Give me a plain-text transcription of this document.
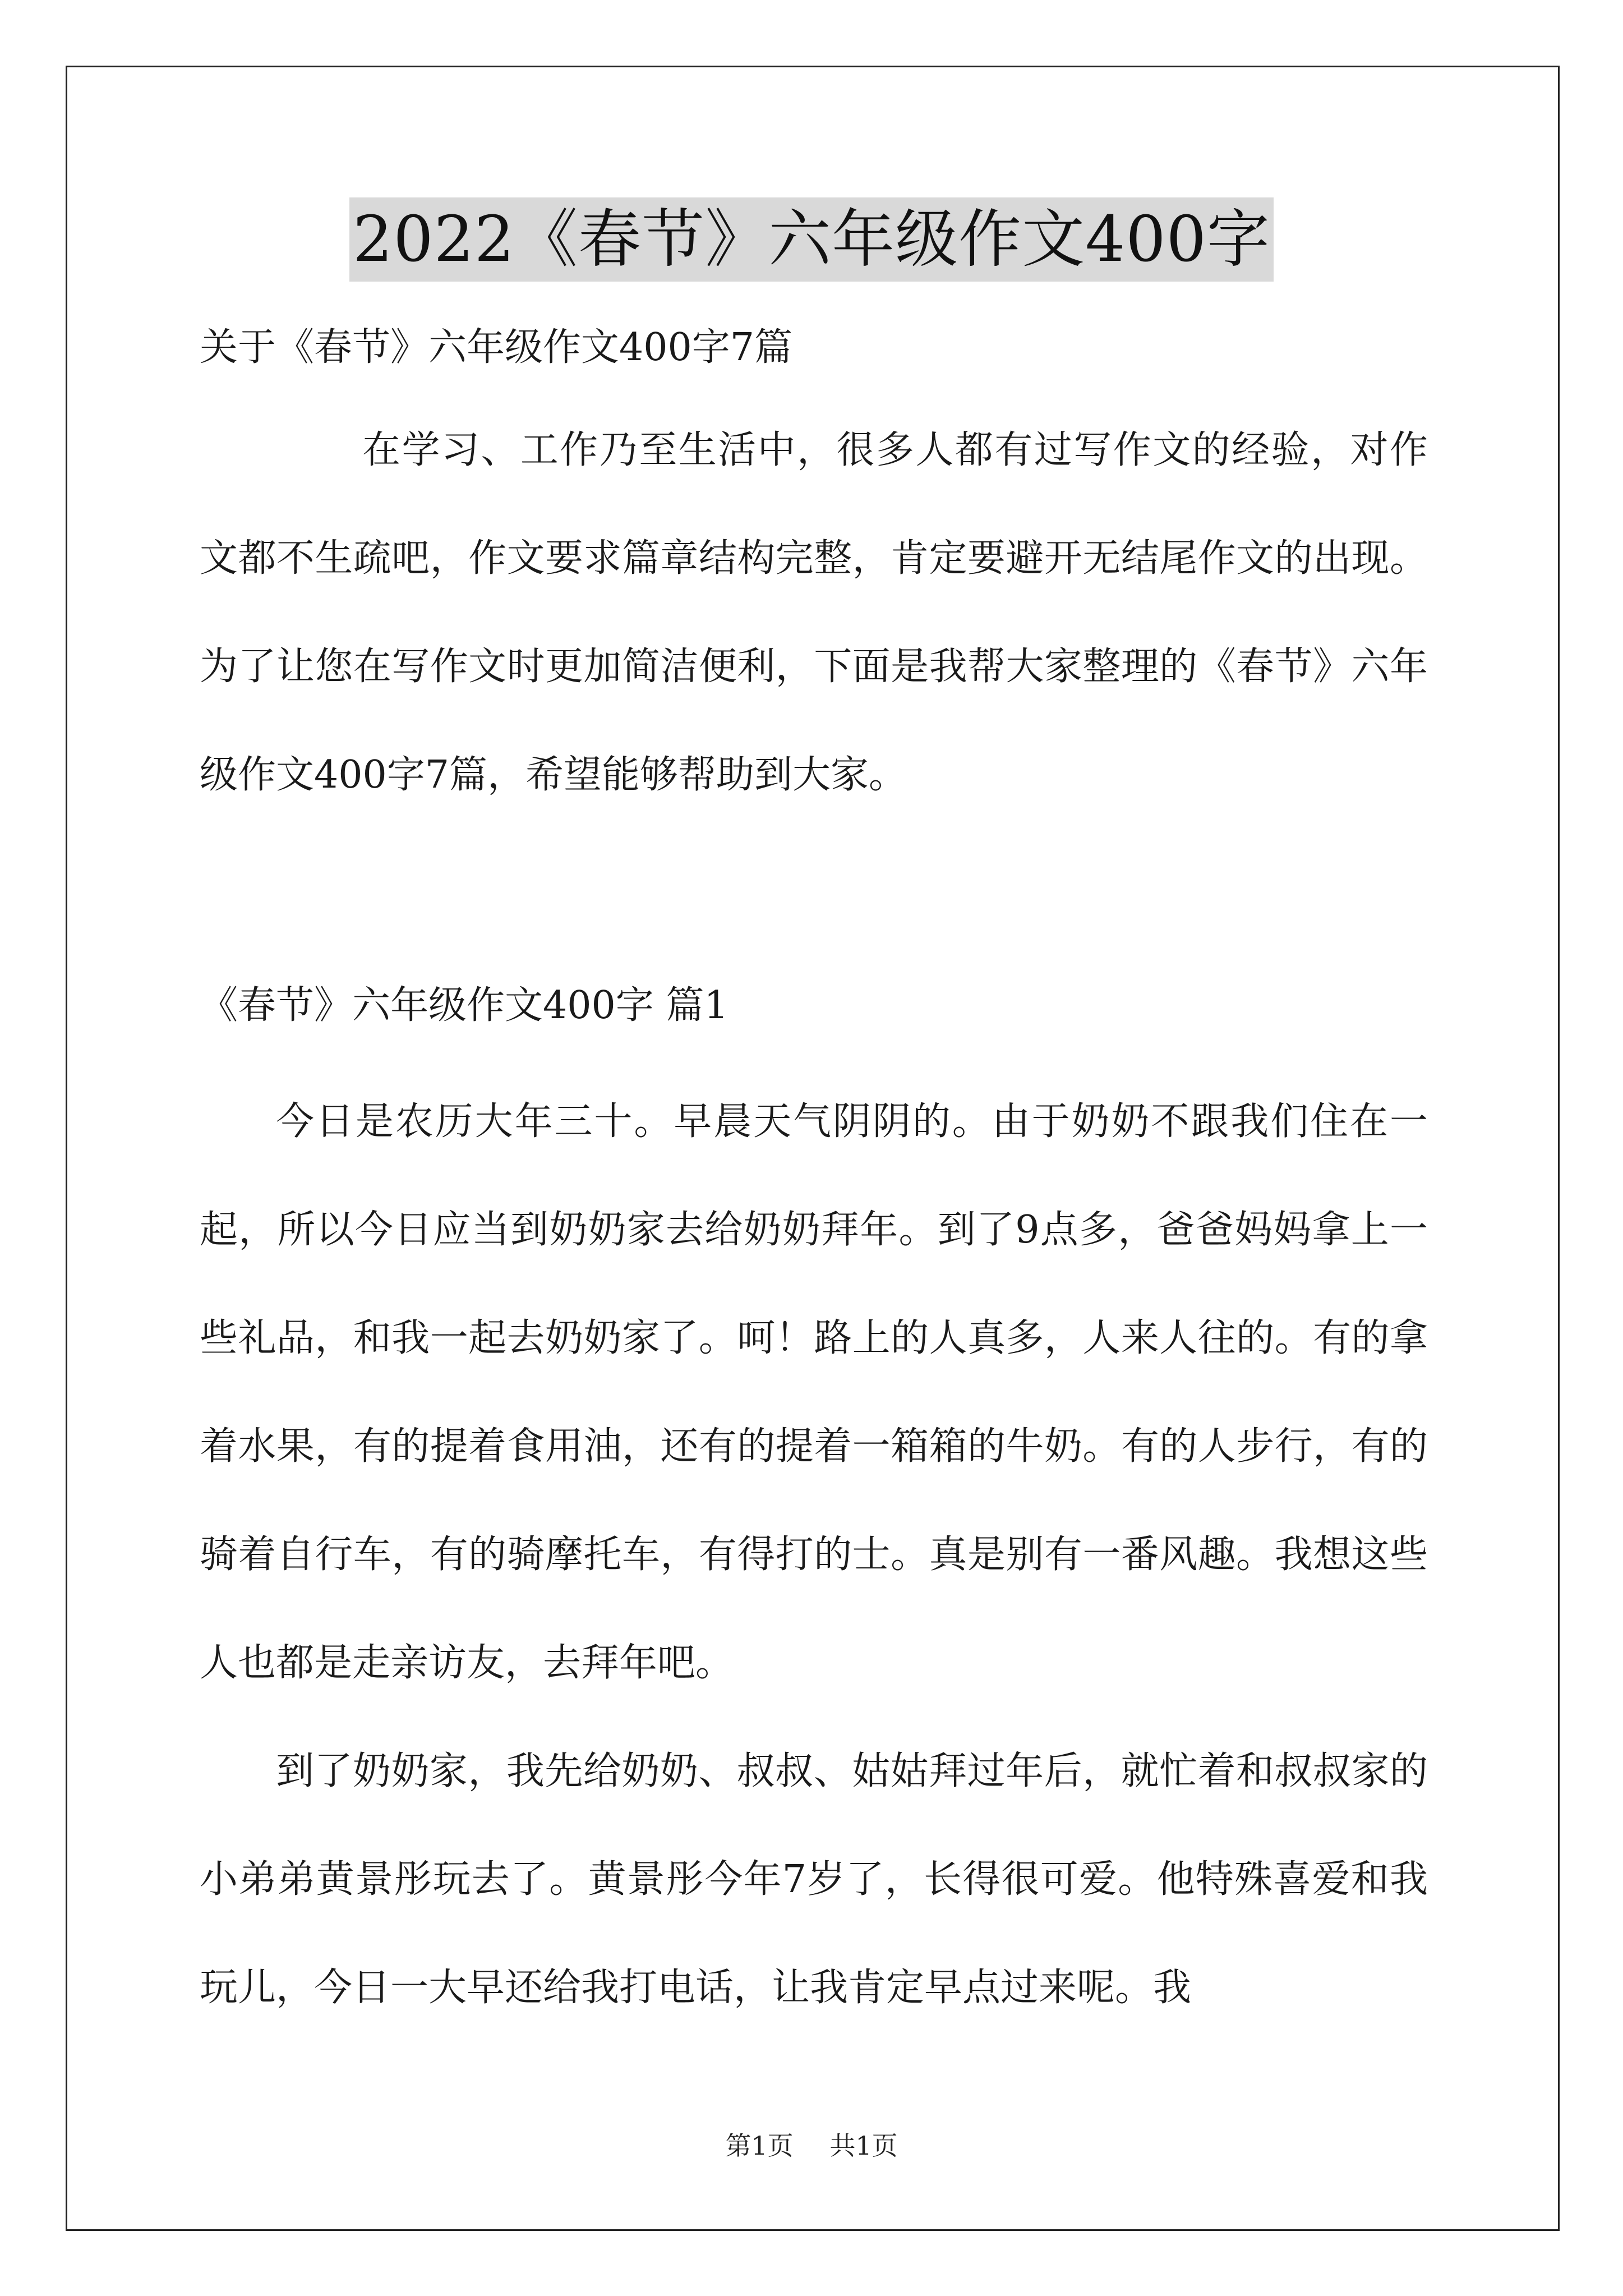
2022《春节》六年级作文400字
关于《春节》六年级作文400字7篇

在学习、工作乃至生活中，很多人都有过写作文的经验，对作文都不生疏吧，作文要求篇章结构完整，肯定要避开无结尾作文的出现。为了让您在写作文时更加简洁便利，下面是我帮大家整理的《春节》六年级作文400字7篇，希望能够帮助到大家。

《春节》六年级作文400字 篇1

今日是农历大年三十。早晨天气阴阴的。由于奶奶不跟我们住在一起，所以今日应当到奶奶家去给奶奶拜年。到了9点多，爸爸妈妈拿上一些礼品，和我一起去奶奶家了。呵！路上的人真多，人来人往的。有的拿着水果，有的提着食用油，还有的提着一箱箱的牛奶。有的人步行，有的骑着自行车，有的骑摩托车，有得打的士。真是别有一番风趣。我想这些人也都是走亲访友，去拜年吧。

到了奶奶家，我先给奶奶、叔叔、姑姑拜过年后，就忙着和叔叔家的小弟弟黄景彤玩去了。黄景彤今年7岁了，长得很可爱。他特殊喜爱和我玩儿，今日一大早还给我打电话，让我肯定早点过来呢。我

第1页 共1页
